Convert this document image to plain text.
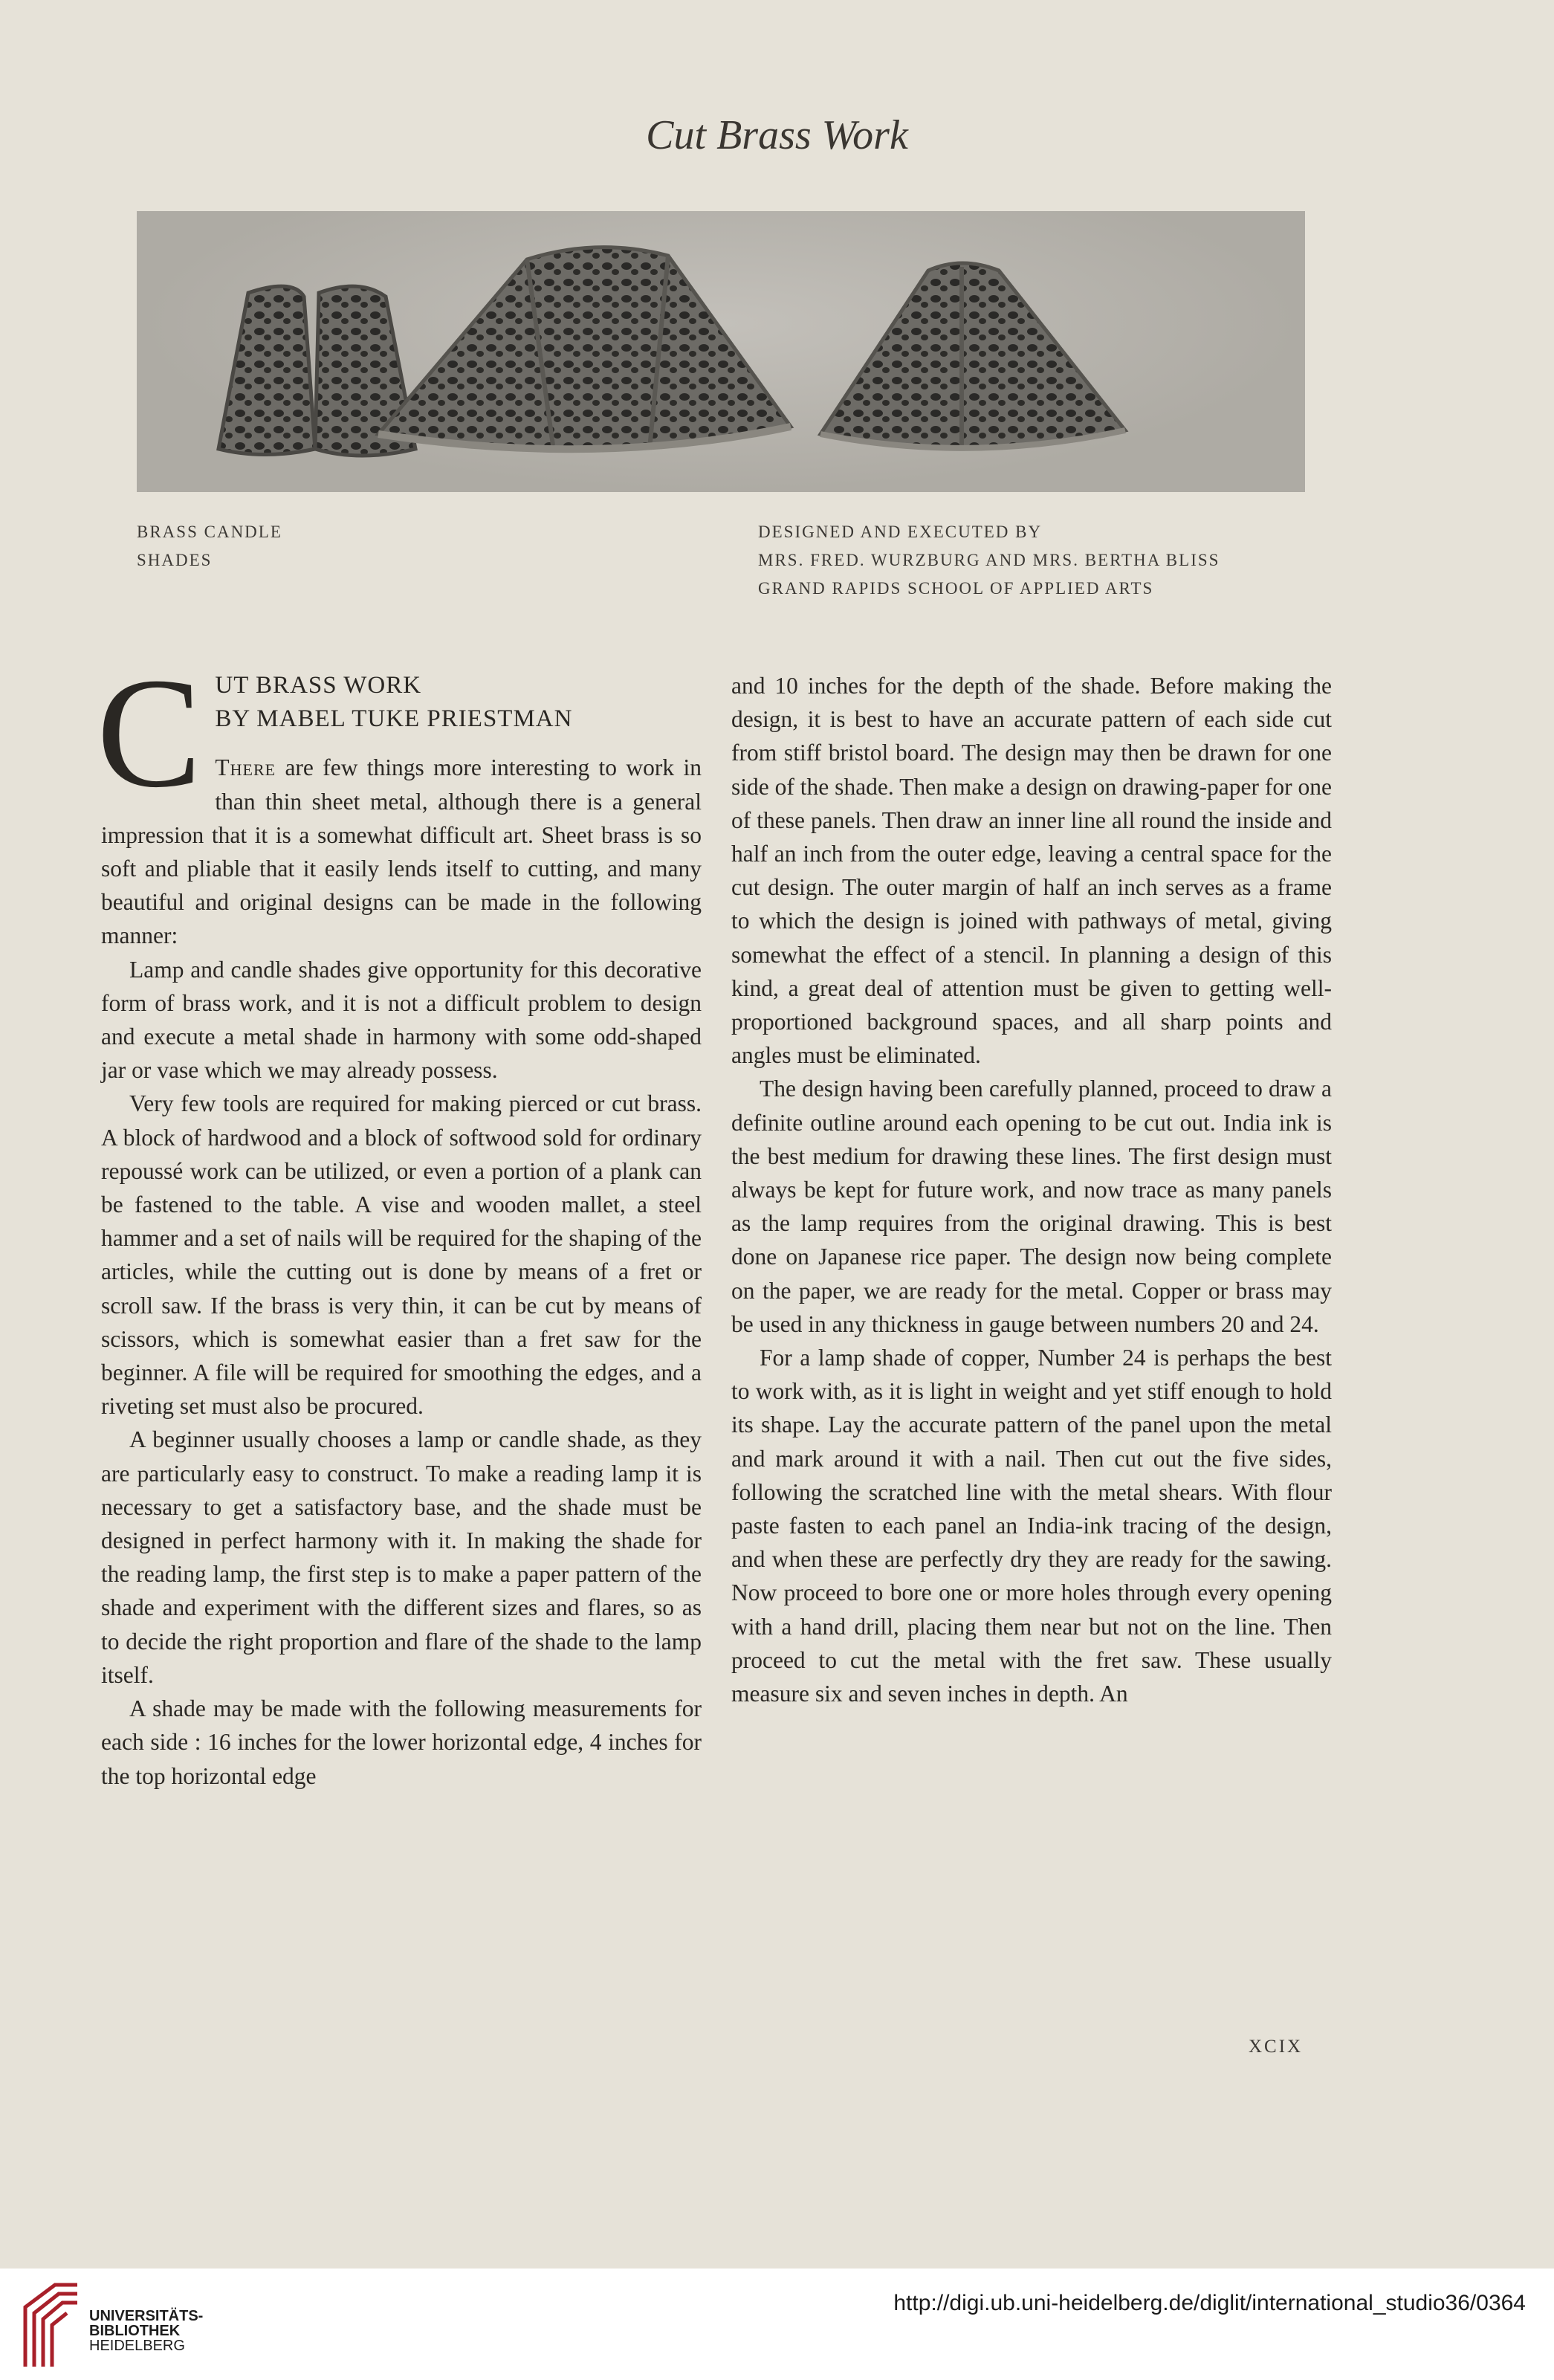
Cut Brass Work
BRASS CANDLE
SHADES
DESIGNED AND EXECUTED BY
MRS. FRED. WURZBURG AND MRS. BERTHA BLISS
GRAND RAPIDS SCHOOL OF APPLIED ARTS

C UT BRASS WORK
BY MABEL TUKE PRIESTMAN
There are few things more interesting to work in than thin sheet metal, although there is a general impression that it is a somewhat difficult art. Sheet brass is so soft and pliable that it easily lends itself to cutting, and many beautiful and original designs can be made in the following manner:

Lamp and candle shades give opportunity for this decorative form of brass work, and it is not a difficult problem to design and execute a metal shade in harmony with some odd-shaped jar or vase which we may already possess.

Very few tools are required for making pierced or cut brass. A block of hardwood and a block of softwood sold for ordinary repoussé work can be utilized, or even a portion of a plank can be fastened to the table. A vise and wooden mallet, a steel hammer and a set of nails will be required for the shaping of the articles, while the cutting out is done by means of a fret or scroll saw. If the brass is very thin, it can be cut by means of scissors, which is somewhat easier than a fret saw for the beginner. A file will be required for smoothing the edges, and a riveting set must also be procured.

A beginner usually chooses a lamp or candle shade, as they are particularly easy to construct. To make a reading lamp it is necessary to get a satisfactory base, and the shade must be designed in perfect harmony with it. In making the shade for the reading lamp, the first step is to make a paper pattern of the shade and experiment with the different sizes and flares, so as to decide the right proportion and flare of the shade to the lamp itself.

A shade may be made with the following measurements for each side : 16 inches for the lower horizontal edge, 4 inches for the top horizontal edge

and 10 inches for the depth of the shade. Before making the design, it is best to have an accurate pattern of each side cut from stiff bristol board. The design may then be drawn for one side of the shade. Then make a design on drawing-paper for one of these panels. Then draw an inner line all round the inside and half an inch from the outer edge, leaving a central space for the cut design. The outer margin of half an inch serves as a frame to which the design is joined with pathways of metal, giving somewhat the effect of a stencil. In planning a design of this kind, a great deal of attention must be given to getting well-proportioned background spaces, and all sharp points and angles must be eliminated.

The design having been carefully planned, proceed to draw a definite outline around each opening to be cut out. India ink is the best medium for drawing these lines. The first design must always be kept for future work, and now trace as many panels as the lamp requires from the original drawing. This is best done on Japanese rice paper. The design now being complete on the paper, we are ready for the metal. Copper or brass may be used in any thickness in gauge between numbers 20 and 24.

For a lamp shade of copper, Number 24 is perhaps the best to work with, as it is light in weight and yet stiff enough to hold its shape. Lay the accurate pattern of the panel upon the metal and mark around it with a nail. Then cut out the five sides, following the scratched line with the metal shears. With flour paste fasten to each panel an India-ink tracing of the design, and when these are perfectly dry they are ready for the sawing. Now proceed to bore one or more holes through every opening with a hand drill, placing them near but not on the line. Then proceed to cut the metal with the fret saw. These usually measure six and seven inches in depth. An

XCIX
UNIVERSITÄTS-
BIBLIOTHEK
HEIDELBERG
http://digi.ub.uni-heidelberg.de/diglit/international_studio36/0364
